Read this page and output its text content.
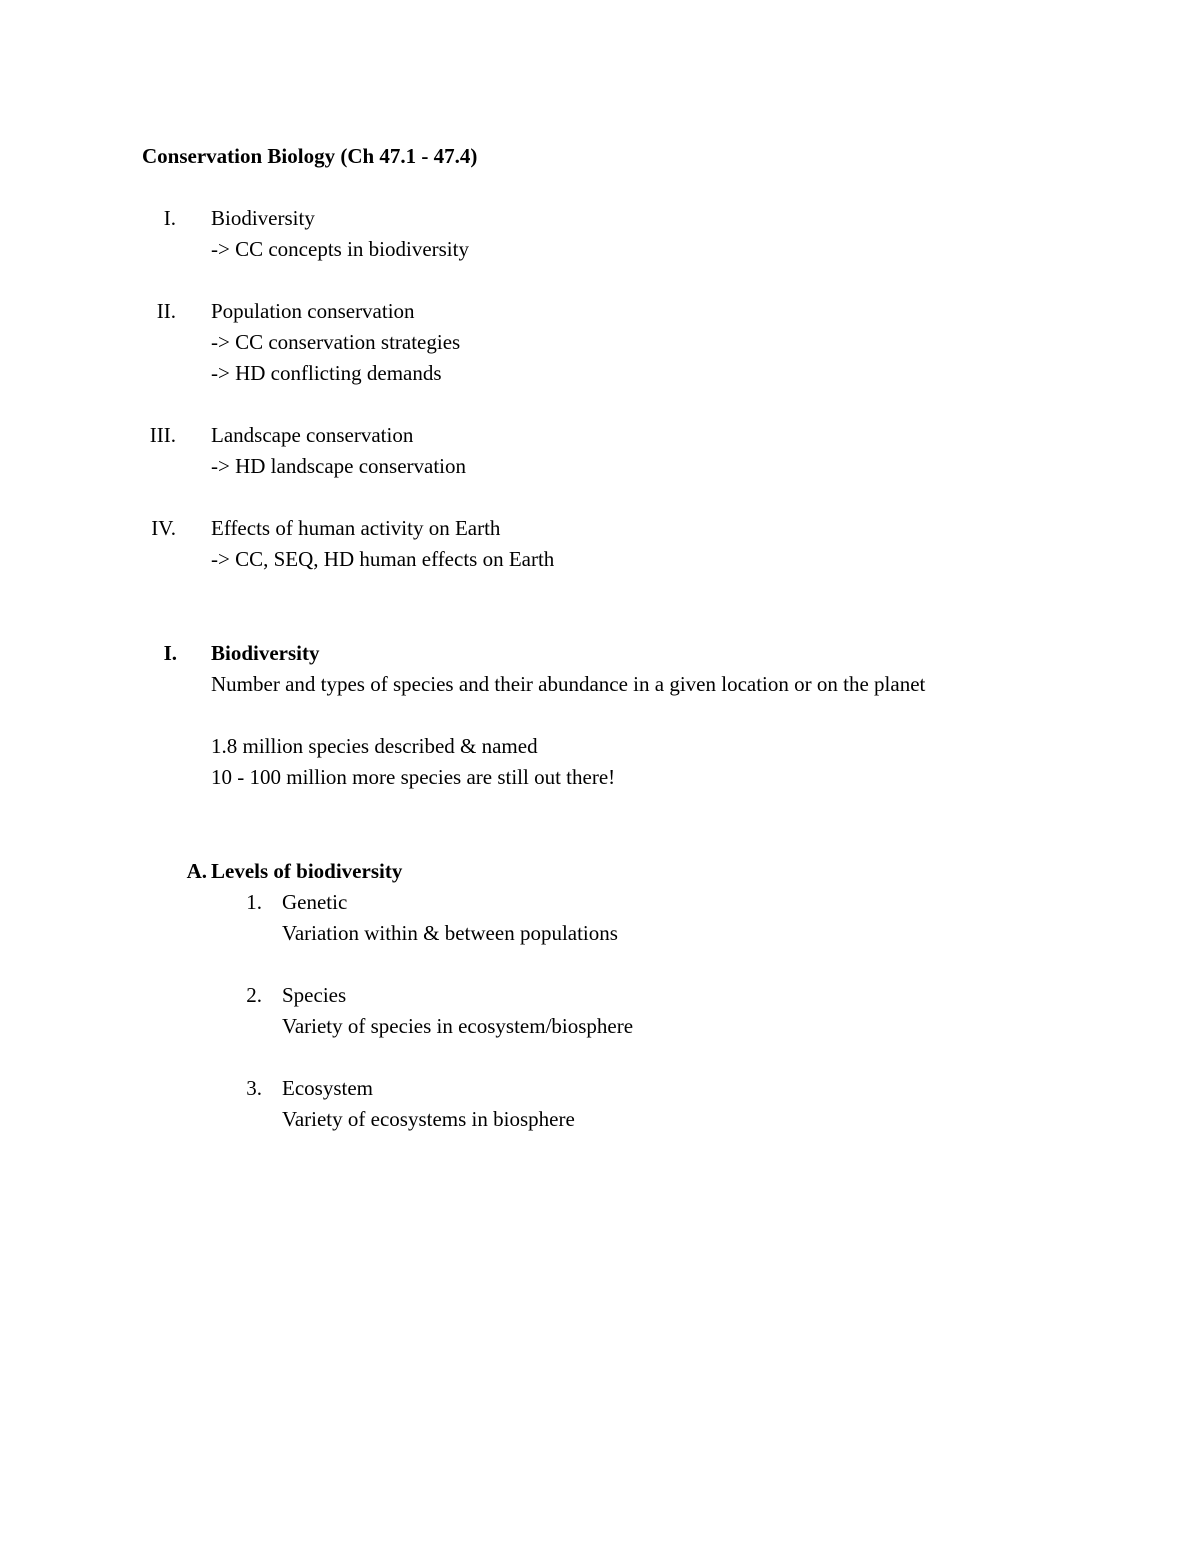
Conservation Biology (Ch 47.1 - 47.4)
I. Biodiversity
-> CC concepts in biodiversity
II. Population conservation
-> CC conservation strategies
-> HD conflicting demands
III. Landscape conservation
-> HD landscape conservation
IV. Effects of human activity on Earth
-> CC, SEQ, HD human effects on Earth
I. Biodiversity
Number and types of species and their abundance in a given location or on the planet
1.8 million species described & named
10 - 100 million more species are still out there!
A. Levels of biodiversity
1. Genetic
Variation within & between populations
2. Species
Variety of species in ecosystem/biosphere
3. Ecosystem
Variety of ecosystems in biosphere
